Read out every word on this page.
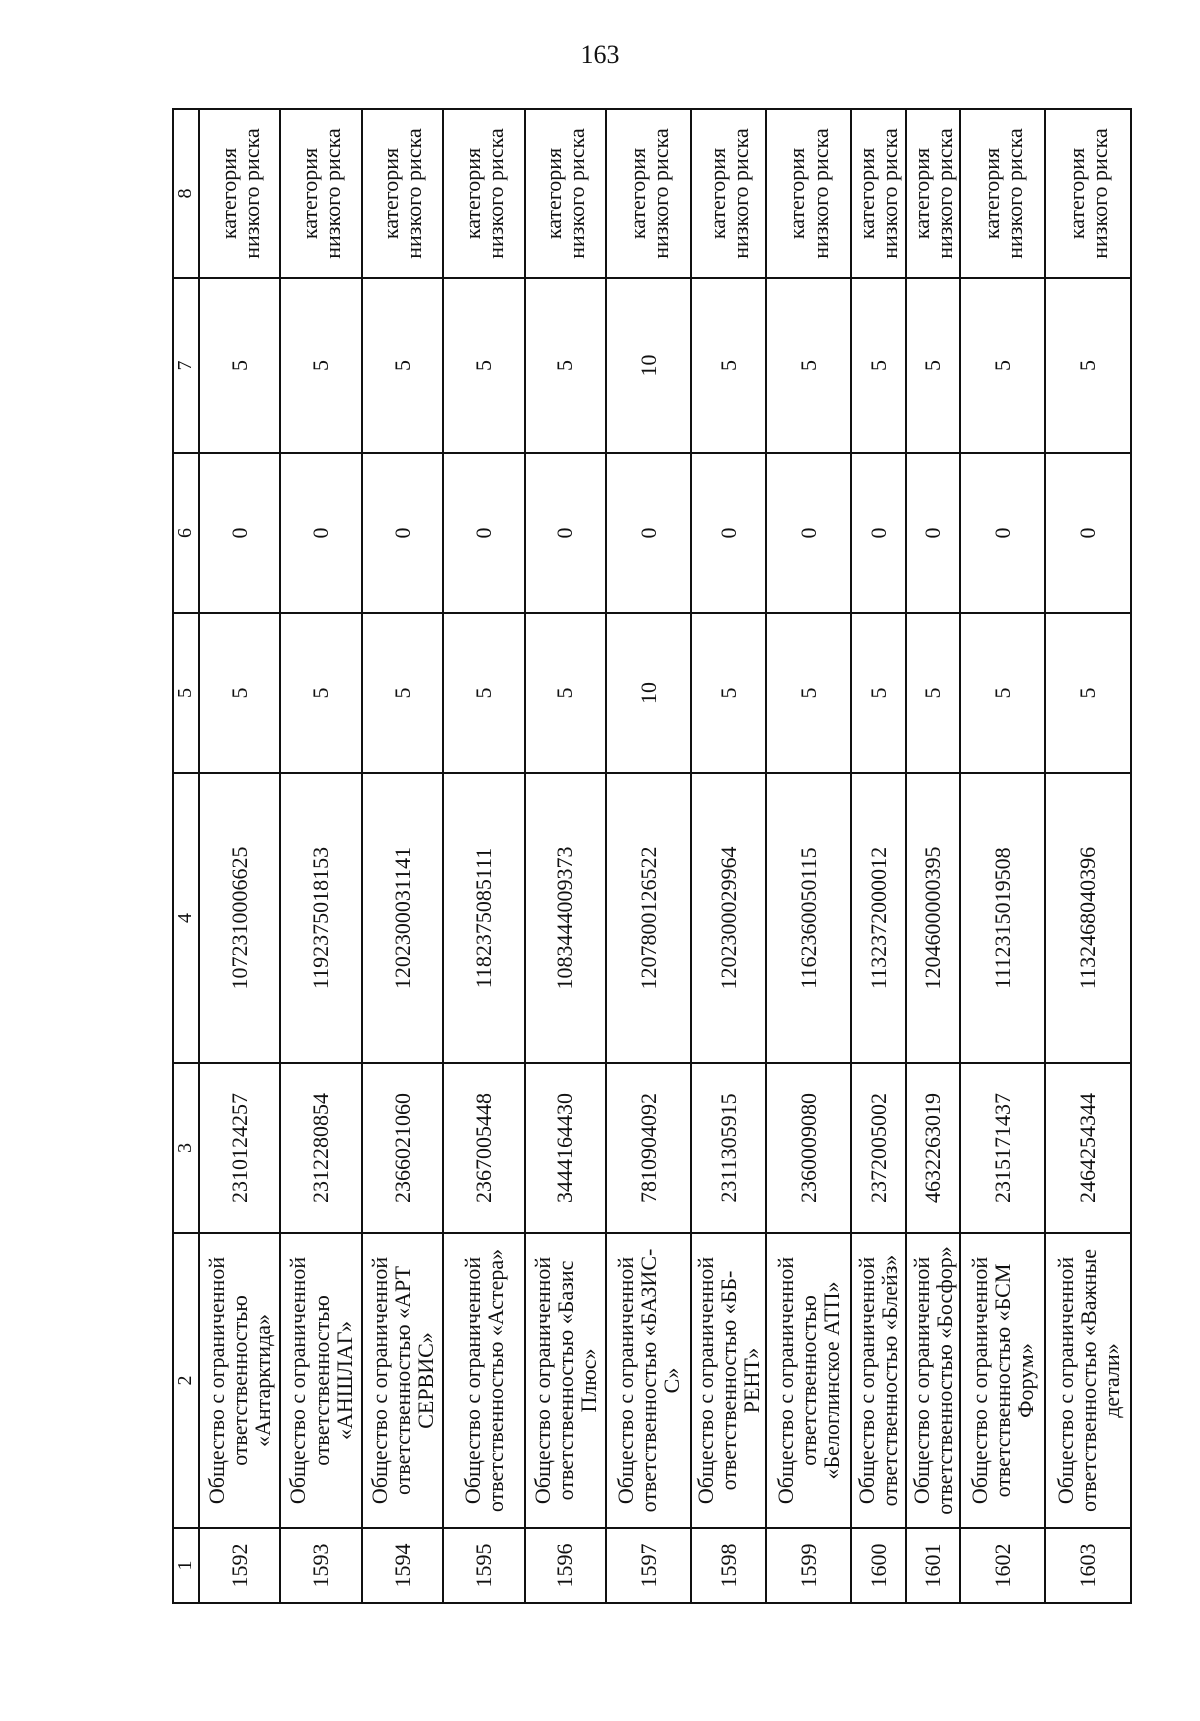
163
1	2	3	4	5	6	7	8
1592	Общество с ограниченной ответственностью «Антарктида»	2310124257	1072310006625	5	0	5	категория низкого риска
1593	Общество с ограниченной ответственностью «АНШЛАГ»	2312280854	1192375018153	5	0	5	категория низкого риска
1594	Общество с ограниченной ответственностью «АРТ СЕРВИС»	2366021060	1202300031141	5	0	5	категория низкого риска
1595	Общество с ограниченной ответственностью «Астера»	2367005448	1182375085111	5	0	5	категория низкого риска
1596	Общество с ограниченной ответственностью «Базис Плюс»	3444164430	1083444009373	5	0	5	категория низкого риска
1597	Общество с ограниченной ответственностью «БАЗИС-С»	7810904092	1207800126522	10	0	10	категория низкого риска
1598	Общество с ограниченной ответственностью «ББ-РЕНТ»	2311305915	1202300029964	5	0	5	категория низкого риска
1599	Общество с ограниченной ответственностью «Белоглинское АТП»	2360009080	1162360050115	5	0	5	категория низкого риска
1600	Общество с ограниченной ответственностью «Блейз»	2372005002	1132372000012	5	0	5	категория низкого риска
1601	Общество с ограниченной ответственностью «Босфор»	4632263019	1204600000395	5	0	5	категория низкого риска
1602	Общество с ограниченной ответственностью «БСМ Форум»	2315171437	1112315019508	5	0	5	категория низкого риска
1603	Общество с ограниченной ответственностью «Важные детали»	2464254344	1132468040396	5	0	5	категория низкого риска
